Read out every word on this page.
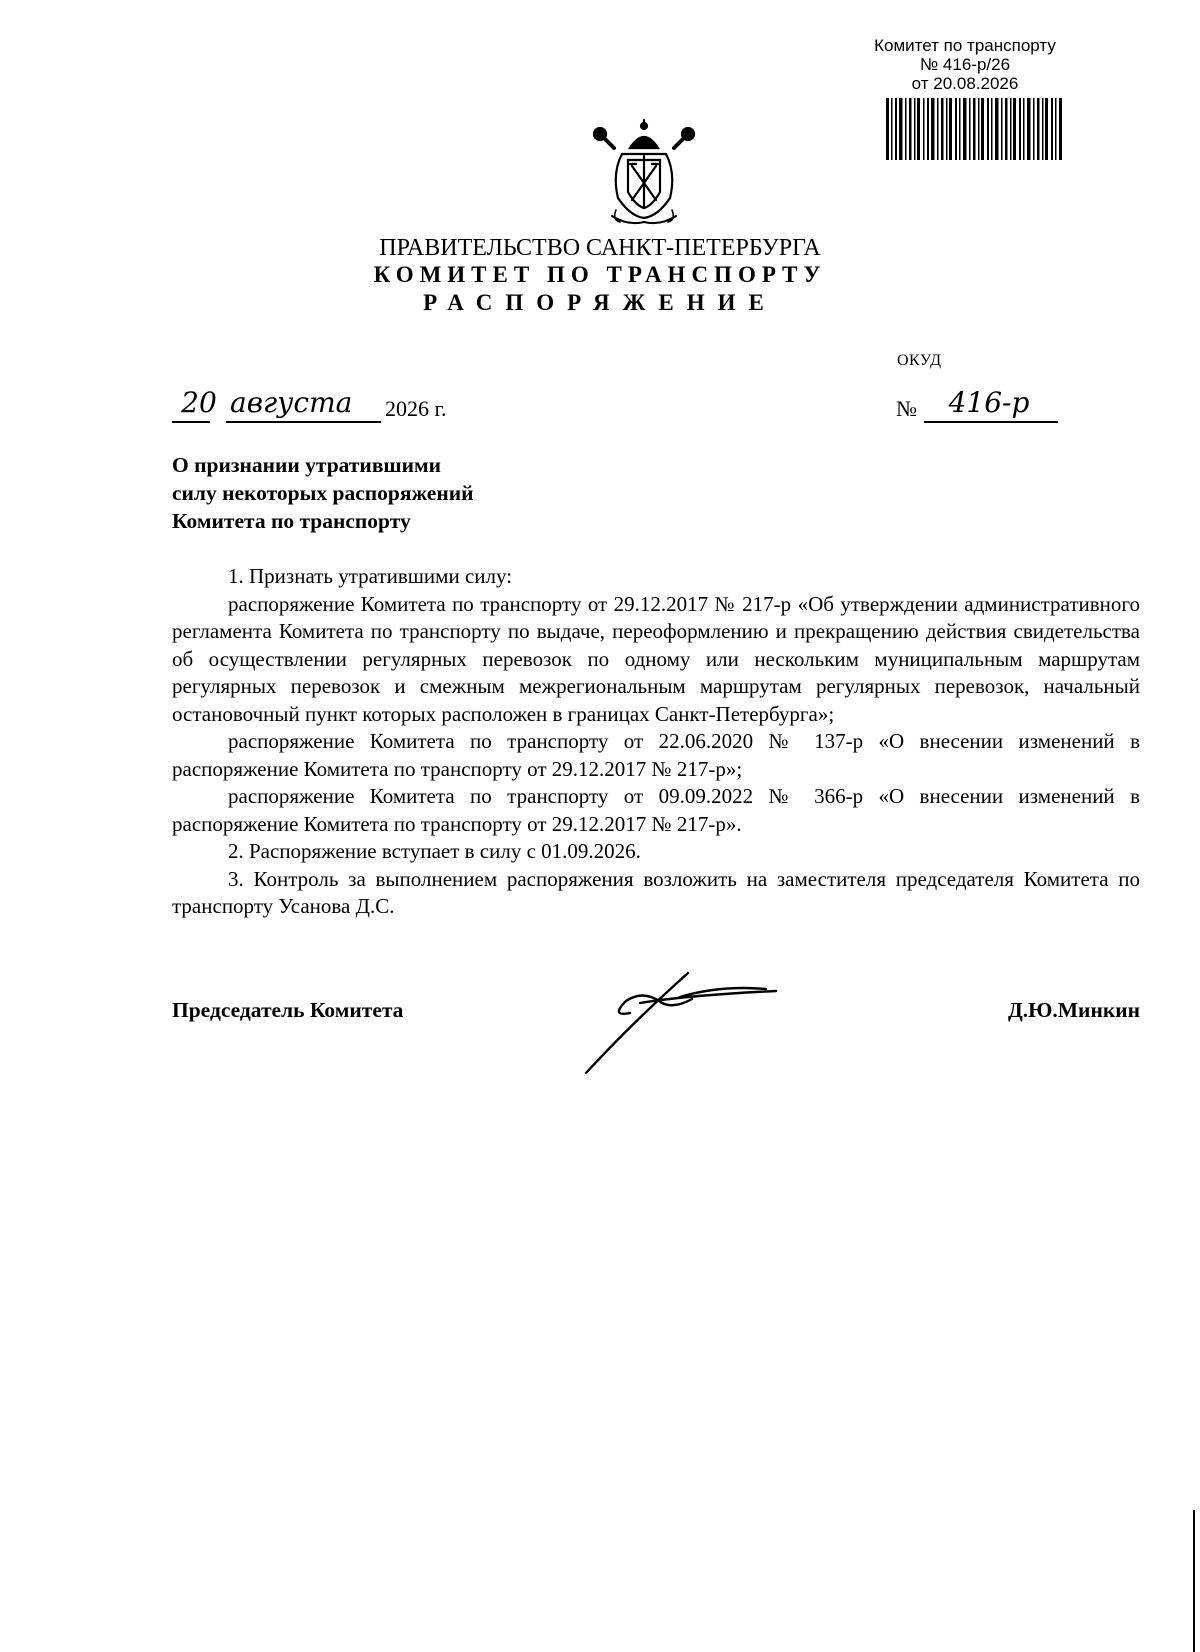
Комитет по транспорту
№ 416-р/26
от 20.08.2026
ПРАВИТЕЛЬСТВО САНКТ-ПЕТЕРБУРГА
КОМИТЕТ ПО ТРАНСПОРТУ
РАСПОРЯЖЕНИЕ
ОКУД
20 августа 2026 г.	№	416-р
О признании утратившими
силу некоторых распоряжений
Комитета по транспорту

1. Признать утратившими силу:

распоряжение Комитета по транспорту от 29.12.2017 № 217-р «Об утверждении административного регламента Комитета по транспорту по выдаче, переоформлению и прекращению действия свидетельства об осуществлении регулярных перевозок по одному или нескольким муниципальным маршрутам регулярных перевозок и смежным межрегиональным маршрутам регулярных перевозок, начальный остановочный пункт которых расположен в границах Санкт-Петербурга»;

распоряжение Комитета по транспорту от 22.06.2020 № 137-р «О внесении изменений в распоряжение Комитета по транспорту от 29.12.2017 № 217-р»;

распоряжение Комитета по транспорту от 09.09.2022 № 366-р «О внесении изменений в распоряжение Комитета по транспорту от 29.12.2017 № 217-р».

2. Распоряжение вступает в силу с 01.09.2026.

3. Контроль за выполнением распоряжения возложить на заместителя председателя Комитета по транспорту Усанова Д.С.

Председатель Комитета	Д.Ю.Минкин
